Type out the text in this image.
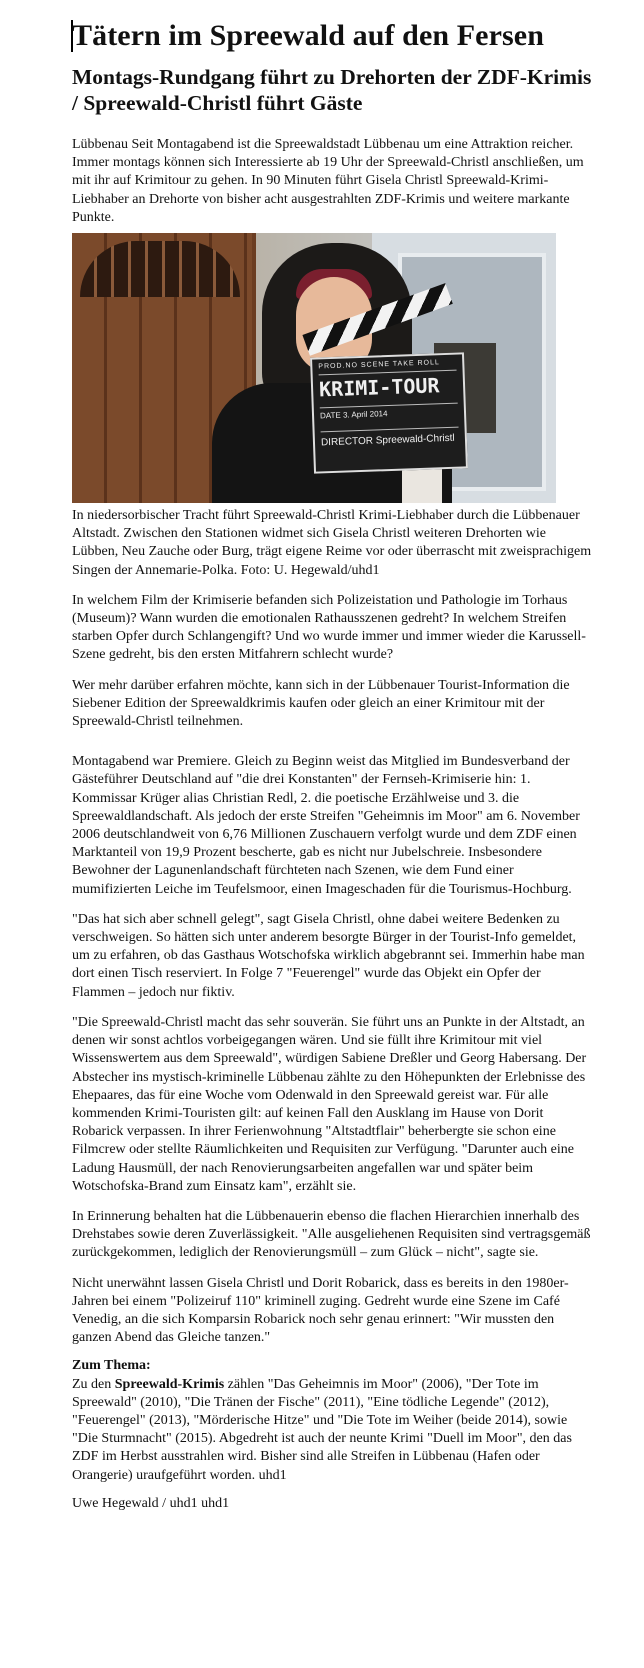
Tätern im Spreewald auf den Fersen
Montags-Rundgang führt zu Drehorten der ZDF-Krimis / Spreewald-Christl führt Gäste

Lübbenau Seit Montagabend ist die Spreewaldstadt Lübbenau um eine Attraktion reicher. Immer montags können sich Interessierte ab 19 Uhr der Spreewald-Christl anschließen, um mit ihr auf Krimitour zu gehen. In 90 Minuten führt Gisela Christl Spreewald-Krimi-Liebhaber an Drehorte von bisher acht ausgestrahlten ZDF-Krimis und weitere markante Punkte.

PROD.NO SCENE TAKE ROLL
KRIMI-TOUR
DATE 3. April 2014
DIRECTOR Spreewald-Christl

In niedersorbischer Tracht führt Spreewald-Christl Krimi-Liebhaber durch die Lübbenauer Altstadt. Zwischen den Stationen widmet sich Gisela Christl weiteren Drehorten wie Lübben, Neu Zauche oder Burg, trägt eigene Reime vor oder überrascht mit zweisprachigem Singen der Annemarie-Polka. Foto: U. Hegewald/uhd1

In welchem Film der Krimiserie befanden sich Polizeistation und Pathologie im Torhaus (Museum)? Wann wurden die emotionalen Rathausszenen gedreht? In welchem Streifen starben Opfer durch Schlangengift? Und wo wurde immer und immer wieder die Karussell-Szene gedreht, bis den ersten Mitfahrern schlecht wurde?

Wer mehr darüber erfahren möchte, kann sich in der Lübbenauer Tourist-Information die Siebener Edition der Spreewaldkrimis kaufen oder gleich an einer Krimitour mit der Spreewald-Christl teilnehmen.

Montagabend war Premiere. Gleich zu Beginn weist das Mitglied im Bundesverband der Gästeführer Deutschland auf "die drei Konstanten" der Fernseh-Krimiserie hin: 1. Kommissar Krüger alias Christian Redl, 2. die poetische Erzählweise und 3. die Spreewaldlandschaft. Als jedoch der erste Streifen "Geheimnis im Moor" am 6. November 2006 deutschlandweit von 6,76 Millionen Zuschauern verfolgt wurde und dem ZDF einen Marktanteil von 19,9 Prozent bescherte, gab es nicht nur Jubelschreie. Insbesondere Bewohner der Lagunenlandschaft fürchteten nach Szenen, wie dem Fund einer mumifizierten Leiche im Teufelsmoor, einen Imageschaden für die Tourismus-Hochburg.

"Das hat sich aber schnell gelegt", sagt Gisela Christl, ohne dabei weitere Bedenken zu verschweigen. So hätten sich unter anderem besorgte Bürger in der Tourist-Info gemeldet, um zu erfahren, ob das Gasthaus Wotschofska wirklich abgebrannt sei. Immerhin habe man dort einen Tisch reserviert. In Folge 7 "Feuerengel" wurde das Objekt ein Opfer der Flammen – jedoch nur fiktiv.

"Die Spreewald-Christl macht das sehr souverän. Sie führt uns an Punkte in der Altstadt, an denen wir sonst achtlos vorbeigegangen wären. Und sie füllt ihre Krimitour mit viel Wissenswertem aus dem Spreewald", würdigen Sabiene Dreßler und Georg Habersang. Der Abstecher ins mystisch-kriminelle Lübbenau zählte zu den Höhepunkten der Erlebnisse des Ehepaares, das für eine Woche vom Odenwald in den Spreewald gereist war. Für alle kommenden Krimi-Touristen gilt: auf keinen Fall den Ausklang im Hause von Dorit Robarick verpassen. In ihrer Ferienwohnung "Altstadtflair" beherbergte sie schon eine Filmcrew oder stellte Räumlichkeiten und Requisiten zur Verfügung. "Darunter auch eine Ladung Hausmüll, der nach Renovierungsarbeiten angefallen war und später beim Wotschofska-Brand zum Einsatz kam", erzählt sie.

In Erinnerung behalten hat die Lübbenauerin ebenso die flachen Hierarchien innerhalb des Drehstabes sowie deren Zuverlässigkeit. "Alle ausgeliehenen Requisiten sind vertragsgemäß zurückgekommen, lediglich der Renovierungsmüll – zum Glück – nicht", sagte sie.

Nicht unerwähnt lassen Gisela Christl und Dorit Robarick, dass es bereits in den 1980er-Jahren bei einem "Polizeiruf 110" kriminell zuging. Gedreht wurde eine Szene im Café Venedig, an die sich Komparsin Robarick noch sehr genau erinnert: "Wir mussten den ganzen Abend das Gleiche tanzen."

Zum Thema:

Zu den Spreewald-Krimis zählen "Das Geheimnis im Moor" (2006), "Der Tote im Spreewald" (2010), "Die Tränen der Fische" (2011), "Eine tödliche Legende" (2012), "Feuerengel" (2013), "Mörderische Hitze" und "Die Tote im Weiher (beide 2014), sowie "Die Sturmnacht" (2015). Abgedreht ist auch der neunte Krimi "Duell im Moor", den das ZDF im Herbst ausstrahlen wird. Bisher sind alle Streifen in Lübbenau (Hafen oder Orangerie) uraufgeführt worden. uhd1

Uwe Hegewald / uhd1 uhd1
